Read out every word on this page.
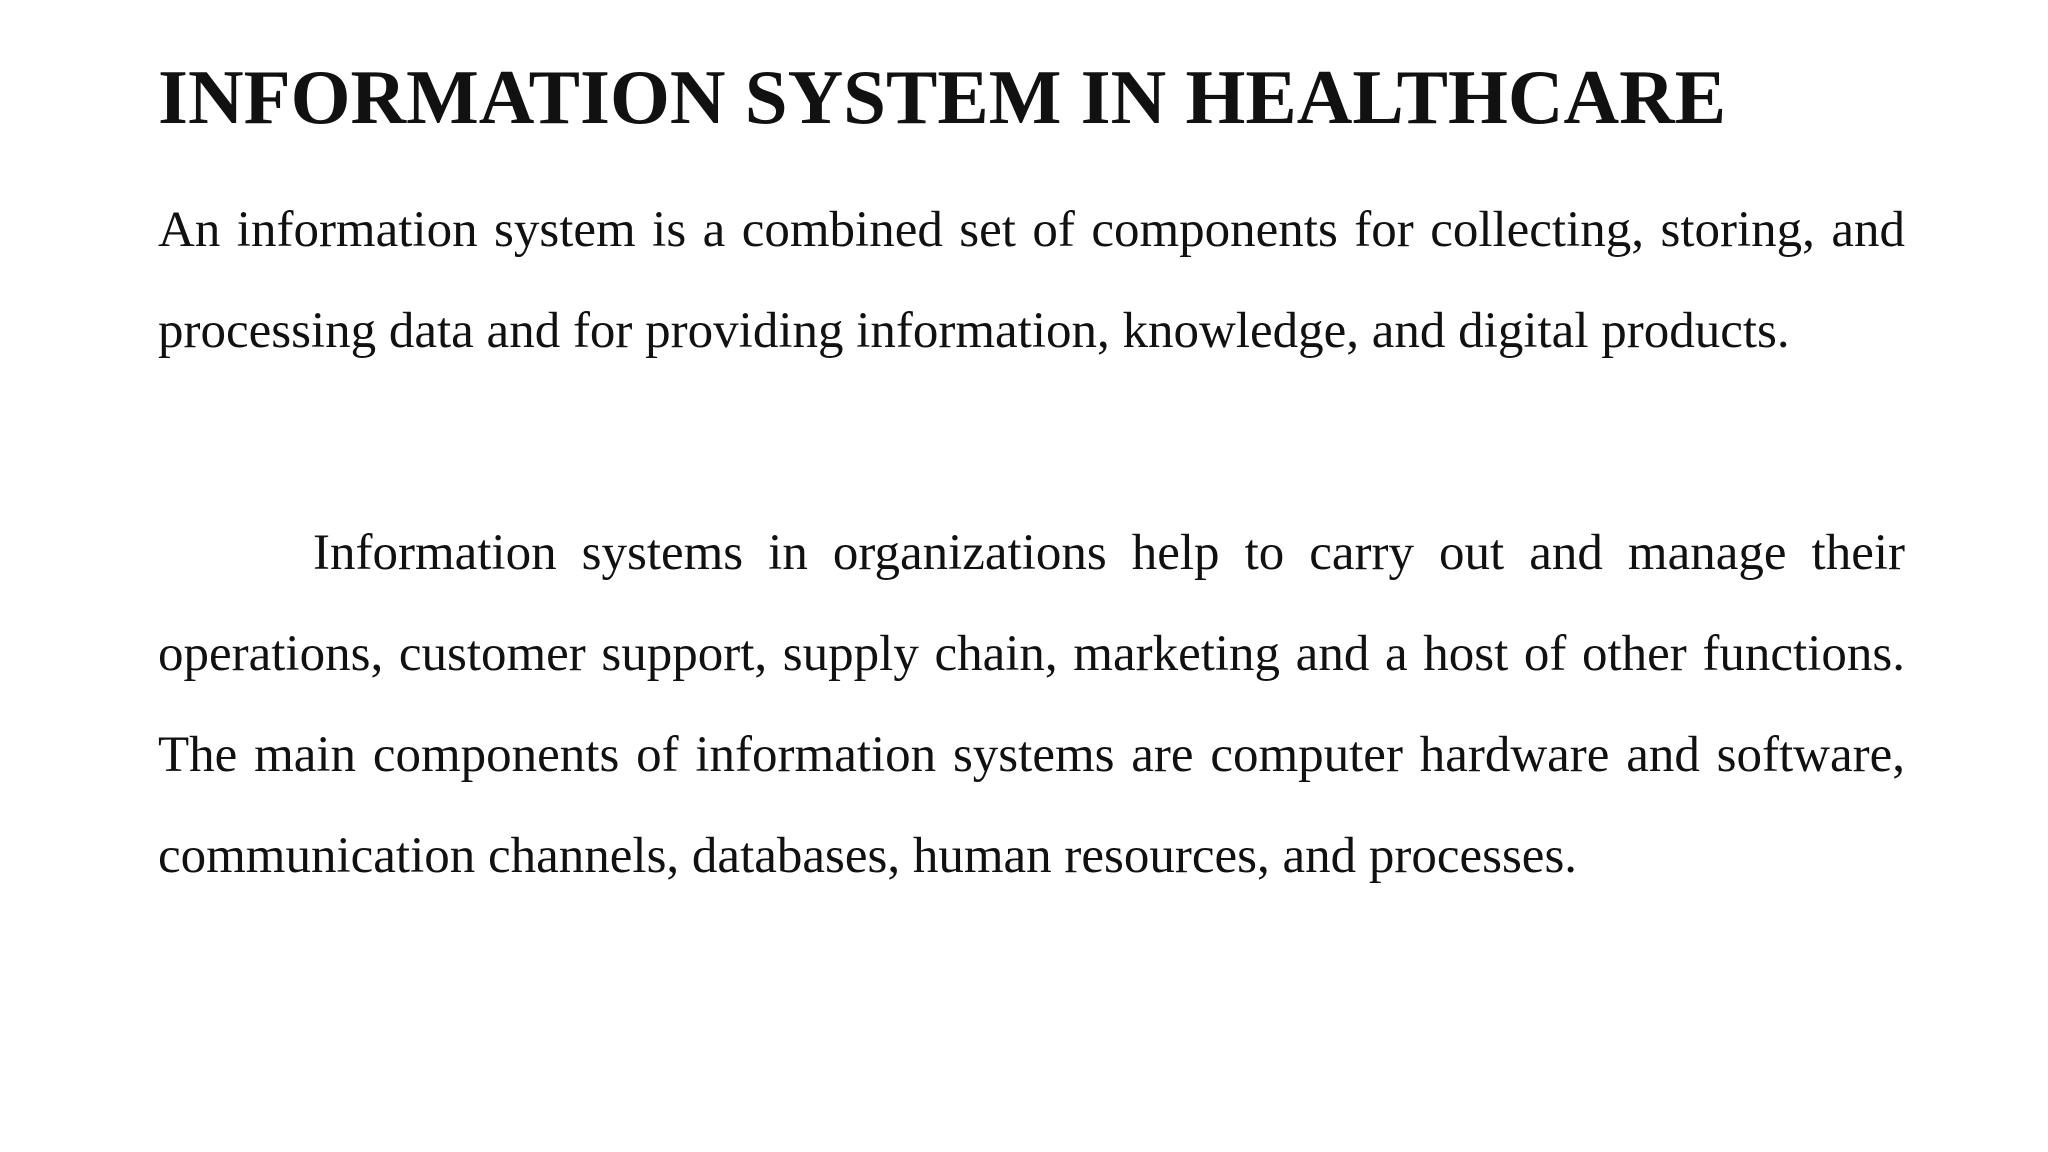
INFORMATION SYSTEM IN HEALTHCARE

An information system is a combined set of components for collecting, storing, and processing data and for providing information, knowledge, and digital products.

Information systems in organizations help to carry out and manage their operations, customer support, supply chain, marketing and a host of other functions. The main components of information systems are computer hardware and software, communication channels, databases, human resources, and processes.
